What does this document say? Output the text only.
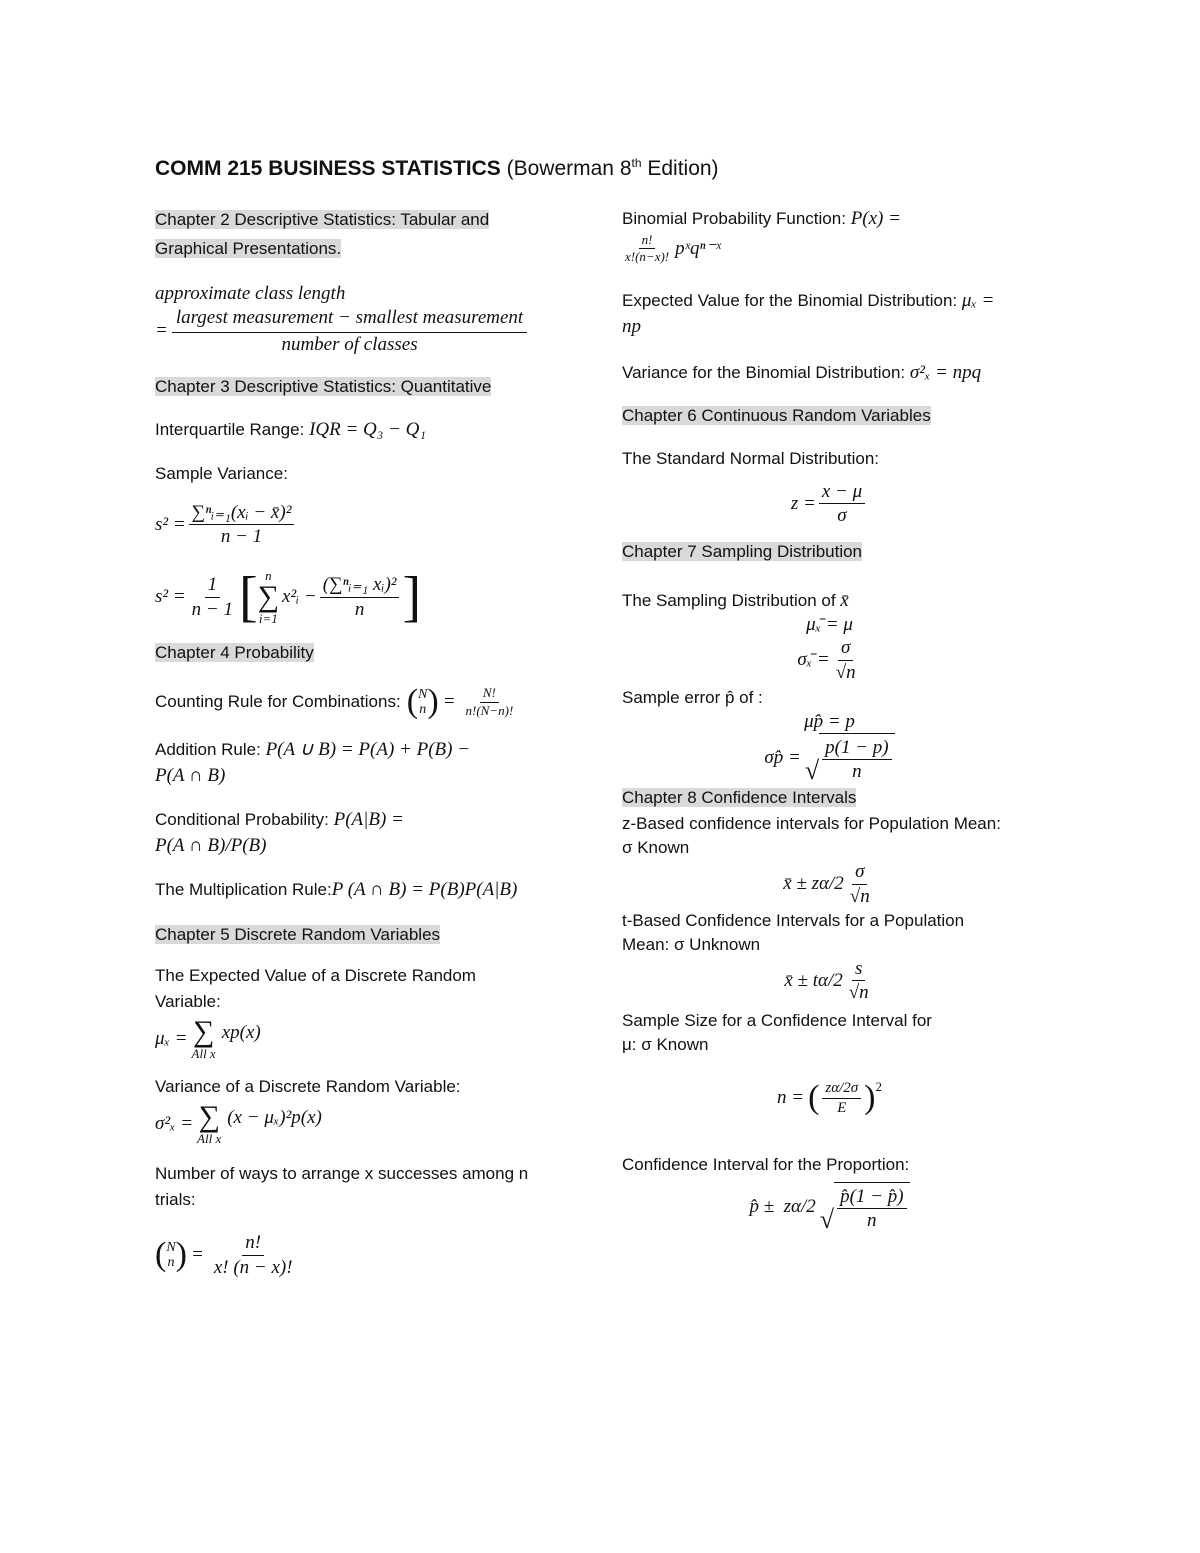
COMM 215 BUSINESS STATISTICS (Bowerman 8th Edition)
Chapter 2 Descriptive Statistics: Tabular and
Graphical Presentations.
approximate class length
= $\frac{\text{largest measurement − smallest measurement}}{\text{number of classes}}$
Chapter 3 Descriptive Statistics: Quantitative
Interquartile Range: IQR = Q₃ − Q₁
Sample Variance:
$s^2 = \frac{\text{∑ⁿᵢ₌₁(xᵢ − x̄)²}}{n - 1}$
$s^2 = \frac{1}{n - 1}$ [ n
∑
i=1
x²ᵢ − $\frac{\text{(∑ⁿᵢ₌₁ xᵢ)²}}{n}$ ]
Chapter 4 Probability
Counting Rule for Combinations: ( N
n ) = $\frac{N!}{n!(N-n)!}$
Addition Rule: P(A ∪ B) = P(A) + P(B) −
P(A ∩ B)
Conditional Probability: P(A|B) =
P(A ∩ B)/P(B)
The Multiplication Rule:P (A ∩ B) = P(B)P(A|B)
Chapter 5 Discrete Random Variables
The Expected Value of a Discrete Random
Variable:
μₓ = ∑
All x
xp(x)
Variance of a Discrete Random Variable:
σ²ₓ = ∑
All x
(x − μₓ)²p(x)
Number of ways to arrange x successes among n
trials:
( N
n ) = $\frac{n!}{x! (n - x)!}$
Binomial Probability Function: P(x) =
$\frac{n!}{x!(n-x)!}$ pˣqⁿ⁻ˣ
Expected Value for the Binomial Distribution: μₓ =
np
Variance for the Binomial Distribution: σ²ₓ = npq
Chapter 6 Continuous Random Variables
The Standard Normal Distribution:
$z = \frac{x - \mu}{\sigma}$
Chapter 7 Sampling Distribution
The Sampling Distribution of x̄
μₓ̄ = μ
σₓ̄ = $\frac{\sigma}{√n}$
Sample error p̂ of :
μp̂ = p
σp̂ = √ $\frac{p(1 - p)}{n}$
Chapter 8 Confidence Intervals
z-Based confidence intervals for Population Mean:
σ Known
x̄ ± $z\alpha/2 \frac{\sigma}{√n}$
t-Based Confidence Intervals for a Population
Mean: σ Unknown
x̄ ± $t\alpha/2 \frac{s}{√n}$
Sample Size for a Confidence Interval for
μ: σ Known
n = ( $\frac{z\alpha/2\sigma}{E} )^2$
Confidence Interval for the Proportion:
p̂ ±  zα/2 √ $\frac{p̂(1 - p̂)}{n}$
